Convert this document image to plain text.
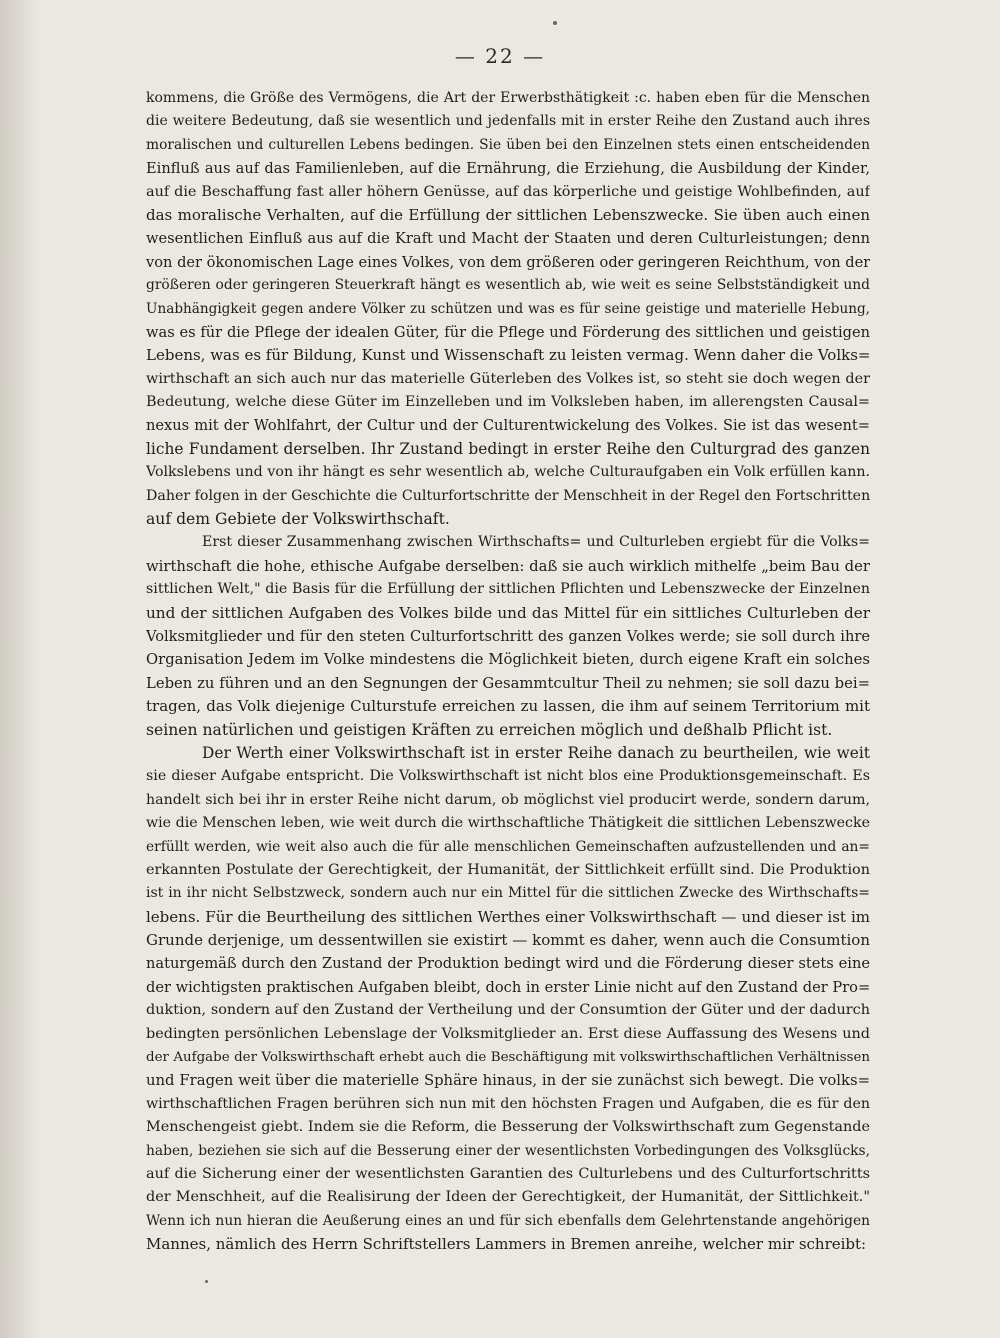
— 22 —

kommens, die Größe des Vermögens, die Art der Erwerbsthätigkeit :c. haben eben für die Menschen

die weitere Bedeutung, daß sie wesentlich und jedenfalls mit in erster Reihe den Zustand auch ihres

moralischen und culturellen Lebens bedingen. Sie üben bei den Einzelnen stets einen entscheidenden

Einfluß aus auf das Familienleben, auf die Ernährung, die Erziehung, die Ausbildung der Kinder,

auf die Beschaffung fast aller höhern Genüsse, auf das körperliche und geistige Wohlbefinden, auf

das moralische Verhalten, auf die Erfüllung der sittlichen Lebenszwecke. Sie üben auch einen

wesentlichen Einfluß aus auf die Kraft und Macht der Staaten und deren Culturleistungen; denn

von der ökonomischen Lage eines Volkes, von dem größeren oder geringeren Reichthum, von der

größeren oder geringeren Steuerkraft hängt es wesentlich ab, wie weit es seine Selbstständigkeit und

Unabhängigkeit gegen andere Völker zu schützen und was es für seine geistige und materielle Hebung,

was es für die Pflege der idealen Güter, für die Pflege und Förderung des sittlichen und geistigen

Lebens, was es für Bildung, Kunst und Wissenschaft zu leisten vermag. Wenn daher die Volks=

wirthschaft an sich auch nur das materielle Güterleben des Volkes ist, so steht sie doch wegen der

Bedeutung, welche diese Güter im Einzelleben und im Volksleben haben, im allerengsten Causal=

nexus mit der Wohlfahrt, der Cultur und der Culturentwickelung des Volkes. Sie ist das wesent=

liche Fundament derselben. Ihr Zustand bedingt in erster Reihe den Culturgrad des ganzen

Volkslebens und von ihr hängt es sehr wesentlich ab, welche Culturaufgaben ein Volk erfüllen kann.

Daher folgen in der Geschichte die Culturfortschritte der Menschheit in der Regel den Fortschritten

auf dem Gebiete der Volkswirthschaft.

Erst dieser Zusammenhang zwischen Wirthschafts= und Culturleben ergiebt für die Volks=

wirthschaft die hohe, ethische Aufgabe derselben: daß sie auch wirklich mithelfe „beim Bau der

sittlichen Welt," die Basis für die Erfüllung der sittlichen Pflichten und Lebenszwecke der Einzelnen

und der sittlichen Aufgaben des Volkes bilde und das Mittel für ein sittliches Culturleben der

Volksmitglieder und für den steten Culturfortschritt des ganzen Volkes werde; sie soll durch ihre

Organisation Jedem im Volke mindestens die Möglichkeit bieten, durch eigene Kraft ein solches

Leben zu führen und an den Segnungen der Gesammtcultur Theil zu nehmen; sie soll dazu bei=

tragen, das Volk diejenige Culturstufe erreichen zu lassen, die ihm auf seinem Territorium mit

seinen natürlichen und geistigen Kräften zu erreichen möglich und deßhalb Pflicht ist.

Der Werth einer Volkswirthschaft ist in erster Reihe danach zu beurtheilen, wie weit

sie dieser Aufgabe entspricht. Die Volkswirthschaft ist nicht blos eine Produktionsgemeinschaft. Es

handelt sich bei ihr in erster Reihe nicht darum, ob möglichst viel producirt werde, sondern darum,

wie die Menschen leben, wie weit durch die wirthschaftliche Thätigkeit die sittlichen Lebenszwecke

erfüllt werden, wie weit also auch die für alle menschlichen Gemeinschaften aufzustellenden und an=

erkannten Postulate der Gerechtigkeit, der Humanität, der Sittlichkeit erfüllt sind. Die Produktion

ist in ihr nicht Selbstzweck, sondern auch nur ein Mittel für die sittlichen Zwecke des Wirthschafts=

lebens. Für die Beurtheilung des sittlichen Werthes einer Volkswirthschaft — und dieser ist im

Grunde derjenige, um dessentwillen sie existirt — kommt es daher, wenn auch die Consumtion

naturgemäß durch den Zustand der Produktion bedingt wird und die Förderung dieser stets eine

der wichtigsten praktischen Aufgaben bleibt, doch in erster Linie nicht auf den Zustand der Pro=

duktion, sondern auf den Zustand der Vertheilung und der Consumtion der Güter und der dadurch

bedingten persönlichen Lebenslage der Volksmitglieder an. Erst diese Auffassung des Wesens und

der Aufgabe der Volkswirthschaft erhebt auch die Beschäftigung mit volkswirthschaftlichen Verhältnissen

und Fragen weit über die materielle Sphäre hinaus, in der sie zunächst sich bewegt. Die volks=

wirthschaftlichen Fragen berühren sich nun mit den höchsten Fragen und Aufgaben, die es für den

Menschengeist giebt. Indem sie die Reform, die Besserung der Volkswirthschaft zum Gegenstande

haben, beziehen sie sich auf die Besserung einer der wesentlichsten Vorbedingungen des Volksglücks,

auf die Sicherung einer der wesentlichsten Garantien des Culturlebens und des Culturfortschritts

der Menschheit, auf die Realisirung der Ideen der Gerechtigkeit, der Humanität, der Sittlichkeit."

Wenn ich nun hieran die Aeußerung eines an und für sich ebenfalls dem Gelehrtenstande angehörigen

Mannes, nämlich des Herrn Schriftstellers Lammers in Bremen anreihe, welcher mir schreibt:
